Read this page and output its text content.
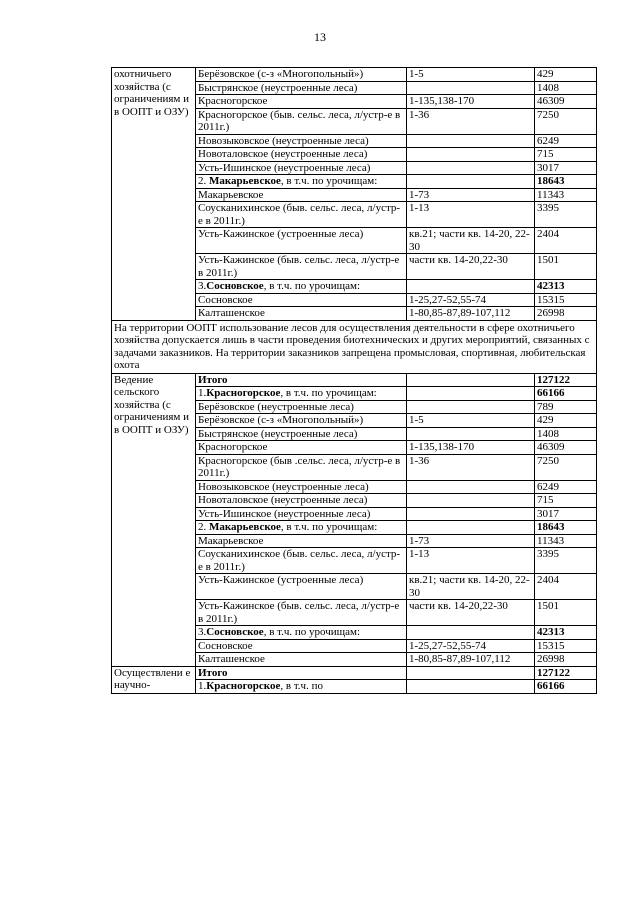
13
охотничьего хозяйства (с ограничениям и в ООПТ и ОЗУ)	Берёзовское (с-з «Многопольный»)	1-5	429
	Быстрянское (неустроенные леса)		1408
	Красногорское	1-135,138-170	46309
	Красногорское (быв. сельс. леса, л/устр-е в 2011г.)	1-36	7250
	Новозыковское (неустроенные леса)		6249
	Новоталовское (неустроенные леса)		715
	Усть-Ишинское (неустроенные леса)		3017
	2. Макарьевское, в т.ч. по урочищам:		18643
	Макарьевское	1-73	11343
	Соусканихинское (быв. сельс. леса, л/устр-е в 2011г.)	1-13	3395
	Усть-Кажинское (устроенные леса)	кв.21; части кв. 14-20, 22-30	2404
	Усть-Кажинское (быв. сельс. леса, л/устр-е в 2011г.)	части кв. 14-20,22-30	1501
	3.Сосновское, в т.ч. по урочищам:		42313
	Сосновское	1-25,27-52,55-74	15315
	Калташенское	1-80,85-87,89-107,112	26998
На территории ООПТ использование лесов для осуществления деятельности в сфере охотничьего хозяйства допускается лишь в части проведения биотехнических и других мероприятий, связанных с задачами заказников. На территории заказников запрещена промысловая, спортивная, любительская охота			
Ведение сельского хозяйства (с ограничениям и в ООПТ и ОЗУ)	Итого		127122
	1.Красногорское, в т.ч. по урочищам:		66166
	Берёзовское (неустроенные леса)		789
	Берёзовское (с-з «Многопольный»)	1-5	429
	Быстрянское (неустроенные леса)		1408
	Красногорское	1-135,138-170	46309
	Красногорское (быв .сельс. леса, л/устр-е в 2011г.)	1-36	7250
	Новозыковское (неустроенные леса)		6249
	Новоталовское (неустроенные леса)		715
	Усть-Ишинское (неустроенные леса)		3017
	2. Макарьевское, в т.ч. по урочищам:		18643
	Макарьевское	1-73	11343
	Соусканихинское (быв. сельс. леса, л/устр-е в 2011г.)	1-13	3395
	Усть-Кажинское (устроенные леса)	кв.21; части кв. 14-20, 22-30	2404
	Усть-Кажинское (быв. сельс. леса, л/устр-е в 2011г.)	части кв. 14-20,22-30	1501
	3.Сосновское, в т.ч. по урочищам:		42313
	Сосновское	1-25,27-52,55-74	15315
	Калташенское	1-80,85-87,89-107,112	26998
Осуществлени е научно-	Итого		127122
	1.Красногорское, в т.ч. по		66166
